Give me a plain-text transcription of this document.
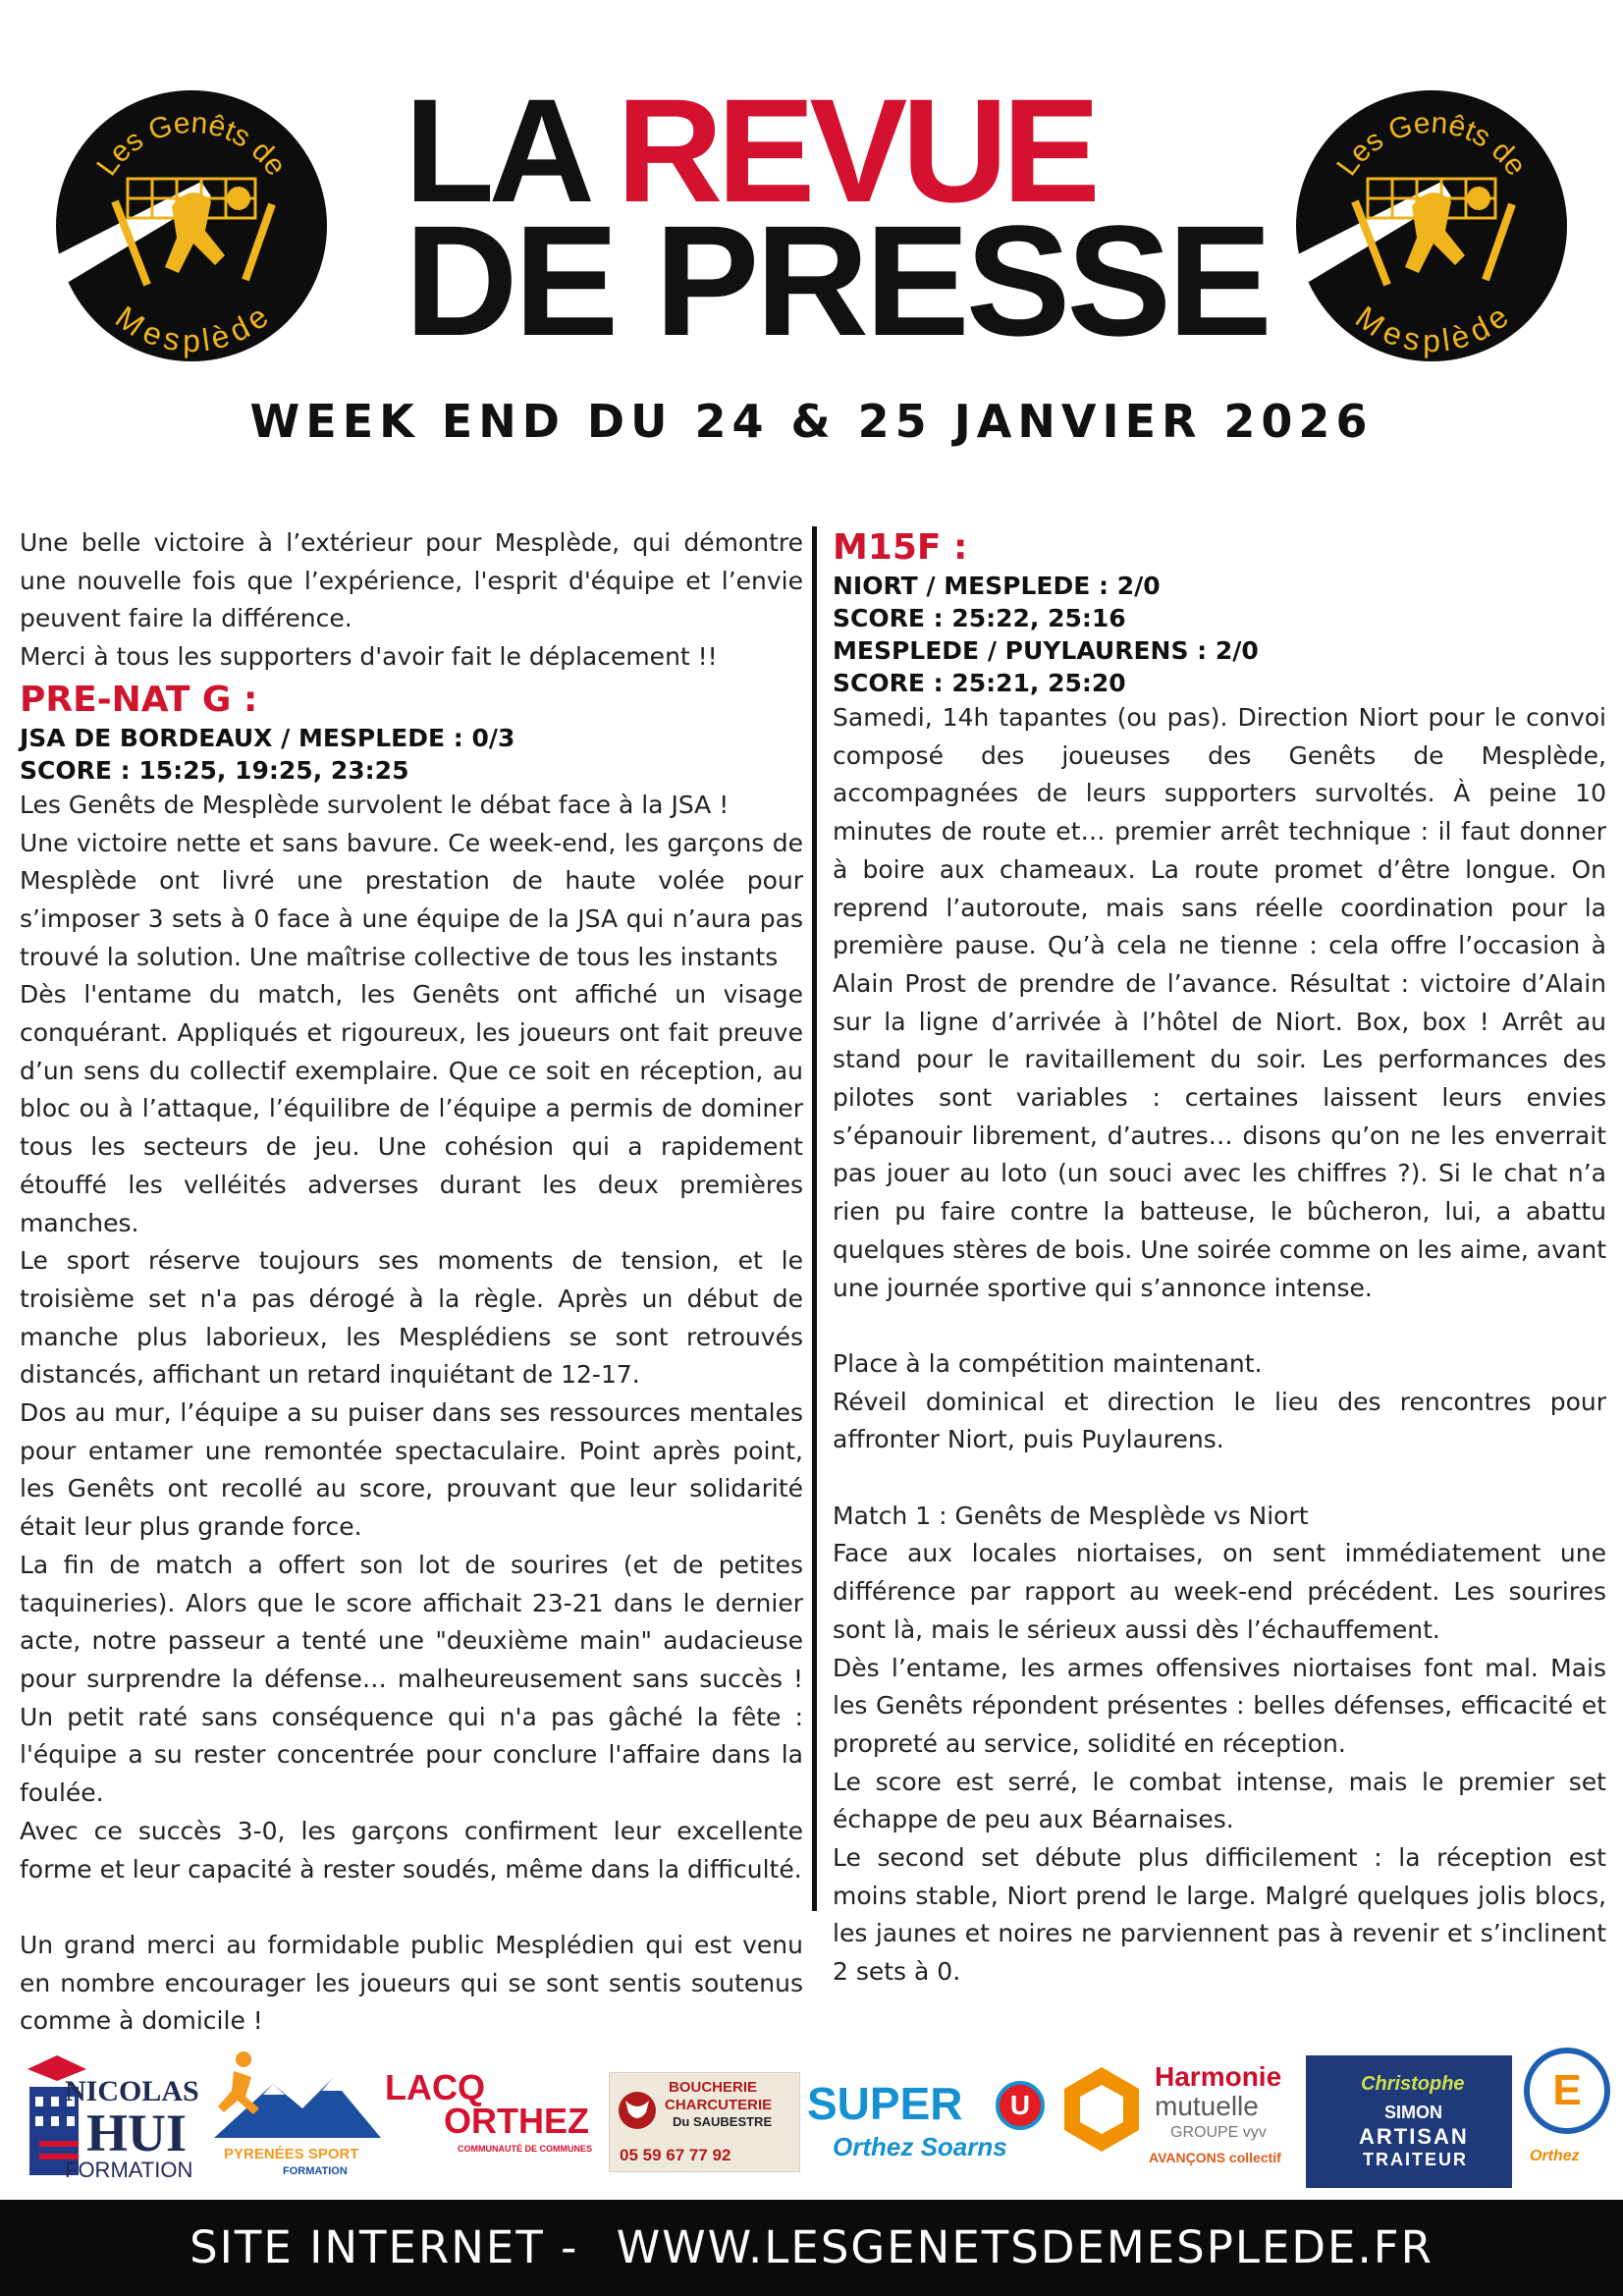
Les Genêts de
Mesplède
LA REVUE
DE PRESSE
Les Genêts de
Mesplède
WEEK END DU 24 & 25 JANVIER 2026

Une belle victoire à l’extérieur pour Mesplède, qui démontre une nouvelle fois que l’expérience, l'esprit d'équipe et l’envie peuvent faire la différence.

Merci à tous les supporters d'avoir fait le déplacement !!

PRE-NAT G :
JSA DE BORDEAUX / MESPLEDE : 0/3
SCORE : 15:25, 19:25, 23:25

Les Genêts de Mesplède survolent le débat face à la JSA !

Une victoire nette et sans bavure. Ce week-end, les garçons de Mesplède ont livré une prestation de haute volée pour s’imposer 3 sets à 0 face à une équipe de la JSA qui n’aura pas trouvé la solution. Une maîtrise collective de tous les instants

Dès l'entame du match, les Genêts ont affiché un visage conquérant. Appliqués et rigoureux, les joueurs ont fait preuve d’un sens du collectif exemplaire. Que ce soit en réception, au bloc ou à l’attaque, l’équilibre de l’équipe a permis de dominer tous les secteurs de jeu. Une cohésion qui a rapidement étouffé les velléités adverses durant les deux premières manches.

Le sport réserve toujours ses moments de tension, et le troisième set n'a pas dérogé à la règle. Après un début de manche plus laborieux, les Mesplédiens se sont retrouvés distancés, affichant un retard inquiétant de 12-17.

Dos au mur, l’équipe a su puiser dans ses ressources mentales pour entamer une remontée spectaculaire. Point après point, les Genêts ont recollé au score, prouvant que leur solidarité était leur plus grande force.

La fin de match a offert son lot de sourires (et de petites taquineries). Alors que le score affichait 23-21 dans le dernier acte, notre passeur a tenté une "deuxième main" audacieuse pour surprendre la défense… malheureusement sans succès ! Un petit raté sans conséquence qui n'a pas gâché la fête : l'équipe a su rester concentrée pour conclure l'affaire dans la foulée.

Avec ce succès 3-0, les garçons confirment leur excellente forme et leur capacité à rester soudés, même dans la difficulté.

Un grand merci au formidable public Mesplédien qui est venu en nombre encourager les joueurs qui se sont sentis soutenus comme à domicile !

M15F :
NIORT / MESPLEDE : 2/0
SCORE : 25:22, 25:16
MESPLEDE / PUYLAURENS : 2/0
SCORE : 25:21, 25:20

Samedi, 14h tapantes (ou pas). Direction Niort pour le convoi composé des joueuses des Genêts de Mesplède, accompagnées de leurs supporters survoltés. À peine 10 minutes de route et… premier arrêt technique : il faut donner à boire aux chameaux. La route promet d’être longue. On reprend l’autoroute, mais sans réelle coordination pour la première pause. Qu’à cela ne tienne : cela offre l’occasion à Alain Prost de prendre de l’avance. Résultat : victoire d’Alain sur la ligne d’arrivée à l’hôtel de Niort. Box, box ! Arrêt au stand pour le ravitaillement du soir. Les performances des pilotes sont variables : certaines laissent leurs envies s’épanouir librement, d’autres… disons qu’on ne les enverrait pas jouer au loto (un souci avec les chiffres ?). Si le chat n’a rien pu faire contre la batteuse, le bûcheron, lui, a abattu quelques stères de bois. Une soirée comme on les aime, avant une journée sportive qui s’annonce intense.

Place à la compétition maintenant.

Réveil dominical et direction le lieu des rencontres pour affronter Niort, puis Puylaurens.

Match 1 : Genêts de Mesplède vs Niort

Face aux locales niortaises, on sent immédiatement une différence par rapport au week-end précédent. Les sourires sont là, mais le sérieux aussi dès l’échauffement.

Dès l’entame, les armes offensives niortaises font mal. Mais les Genêts répondent présentes : belles défenses, efficacité et propreté au service, solidité en réception.

Le score est serré, le combat intense, mais le premier set échappe de peu aux Béarnaises.

Le second set débute plus difficilement : la réception est moins stable, Niort prend le large. Malgré quelques jolis blocs, les jaunes et noires ne parviennent pas à revenir et s’inclinent 2 sets à 0.

NICOLAS
HUI
FORMATION
PYRENÉES SPORT
FORMATION
LACQ
ORTHEZ
COMMUNAUTÉ DE COMMUNES
BOUCHERIE
CHARCUTERIE
Du SAUBESTRE
05 59 67 77 92
SUPER	U
Orthez Soarns
Harmonie
mutuelle
GROUPE vyv
AVANÇONS collectif
Christophe
SIMON
ARTISAN
TRAITEUR
E
Orthez
SITE INTERNET - WWW.LESGENETSDEMESPLEDE.FR
